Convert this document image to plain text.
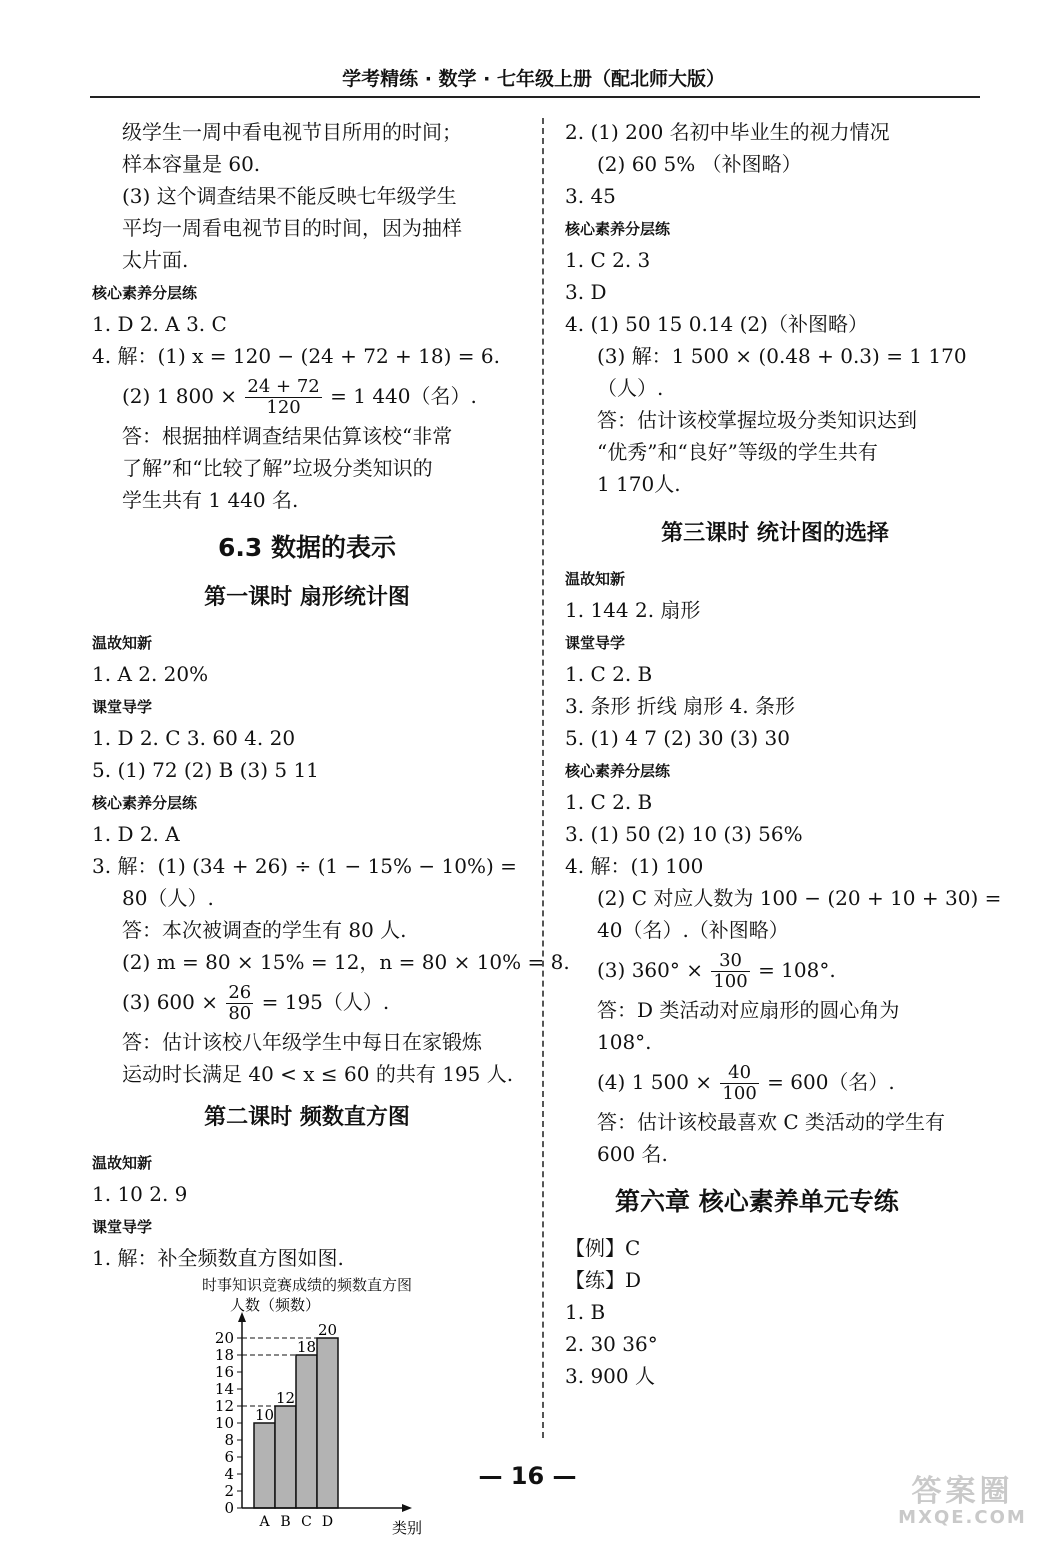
学考精练 · 数学 · 七年级上册（配北师大版）
级学生一周中看电视节目所用的时间；
样本容量是 60.
(3) 这个调查结果不能反映七年级学生
平均一周看电视节目的时间，因为抽样
太片面.
核心素养分层练
1. D 2. A 3. C
4. 解：(1) x = 120 − (24 + 72 + 18) = 6.
(2) 1 $800 \times \frac{24 + 72}{120} = 1$ 440（名）.
答：根据抽样调查结果估算该校“非常
了解”和“比较了解”垃圾分类知识的
学生共有 1 440 名.
6.3 数据的表示
第一课时 扇形统计图
温故知新
1. A 2. 20%
课堂导学
1. D 2. C 3. 60 4. 20
5. (1) 72 (2) B (3) 5 11
核心素养分层练
1. D 2. A
3. 解：(1) (34 + 26) ÷ (1 − 15% − 10%) =
80（人）.
答：本次被调查的学生有 80 人.
(2) m = 80 × 15% = 12，n = 80 × 10% = 8.
(3) $600 \times \frac{26}{80} = 195$（人）.
答：估计该校八年级学生中每日在家锻炼
运动时长满足 40 < x ≤ 60 的共有 195 人.
第二课时 频数直方图
温故知新
1. 10 2. 9
课堂导学
1. 解：补全频数直方图如图.
时事知识竞赛成绩的频数直方图
0
2
4
6
8
10
12
14
16
18
20
人数（频数）
类别
10
A
12
B
18
C
20
D
2. (1) 200 名初中毕业生的视力情况
(2) 60 5% （补图略）
3. 45
核心素养分层练
1. C 2. 3
3. D
4. (1) 50 15 0.14 (2)（补图略）
(3) 解：1 500 × (0.48 + 0.3) = 1 170
（人）.
答：估计该校掌握垃圾分类知识达到
“优秀”和“良好”等级的学生共有
1 170人.
第三课时 统计图的选择
温故知新
1. 144 2. 扇形
课堂导学
1. C 2. B
3. 条形 折线 扇形 4. 条形
5. (1) 4 7 (2) 30 (3) 30
核心素养分层练
1. C 2. B
3. (1) 50 (2) 10 (3) 56%
4. 解：(1) 100
(2) C 对应人数为 100 − (20 + 10 + 30) =
40（名）.（补图略）
(3) $360^\circ \times \frac{30}{100} = 108^\circ$.
答：D 类活动对应扇形的圆心角为
108°.
(4) 1 $500 \times \frac{40}{100} = 600$（名）.
答：估计该校最喜欢 C 类活动的学生有
600 名.
第六章 核心素养单元专练
【例】C
【练】D
1. B
2. 30 36°
3. 900 人
— 16 —	答案圈
MXQE.COM
